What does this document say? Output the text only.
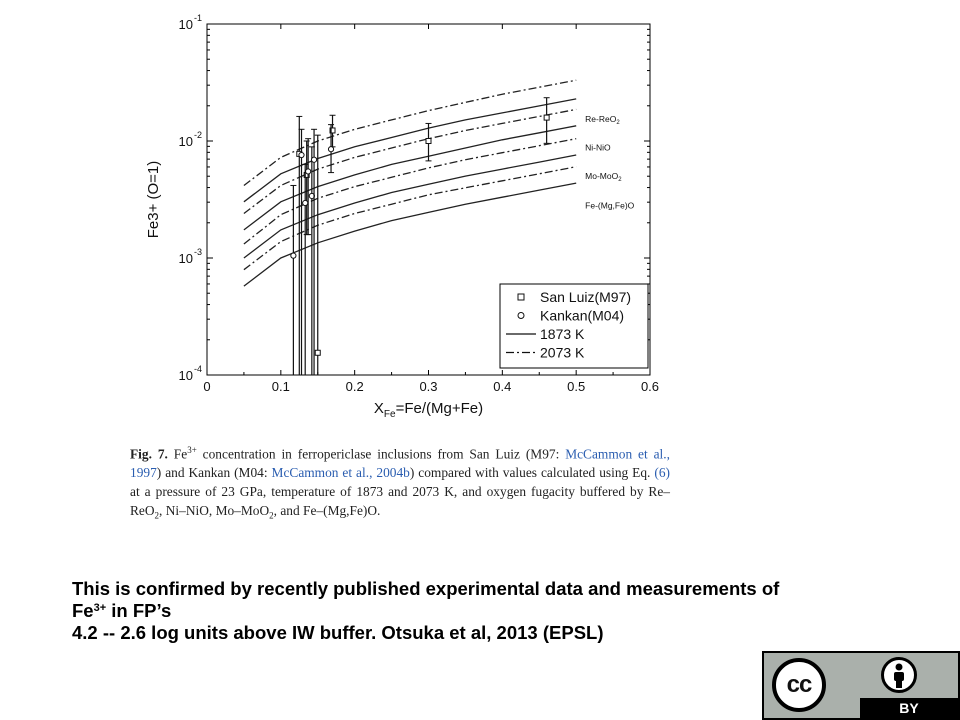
0	0.1	0.2	0.3	0.4	0.5	0.6
10 -1
10 -2
10 -3
10 -4
$X_{Fe}=Fe/(Mg+Fe)$
Fe3+ (O=1)
Re-ReO$_2$
Ni-NiO
Mo-MoO$_2$
Fe-(Mg,Fe)O
San Luiz(M97)
Kankan(M04)
1873 K
2073 K
Fig. 7. $Fe^{3+}$ concentration in ferropericlase inclusions from San Luiz (M97: McCammon et al., 1997) and Kankan (M04: McCammon et al., 2004b) compared with values calculated using Eq. (6) at a pressure of 23 GPa, temperature of 1873 and 2073 K, and oxygen fugacity buffered by Re–ReO$_2$, Ni–NiO, Mo–MoO$_2$, and Fe–(Mg,Fe)O.
This is confirmed by recently published experimental data and measurements of
$Fe^{3+}$ in FP’s
4.2 -- 2.6 log units above IW buffer. Otsuka et al, 2013 (EPSL)
cc
BY
